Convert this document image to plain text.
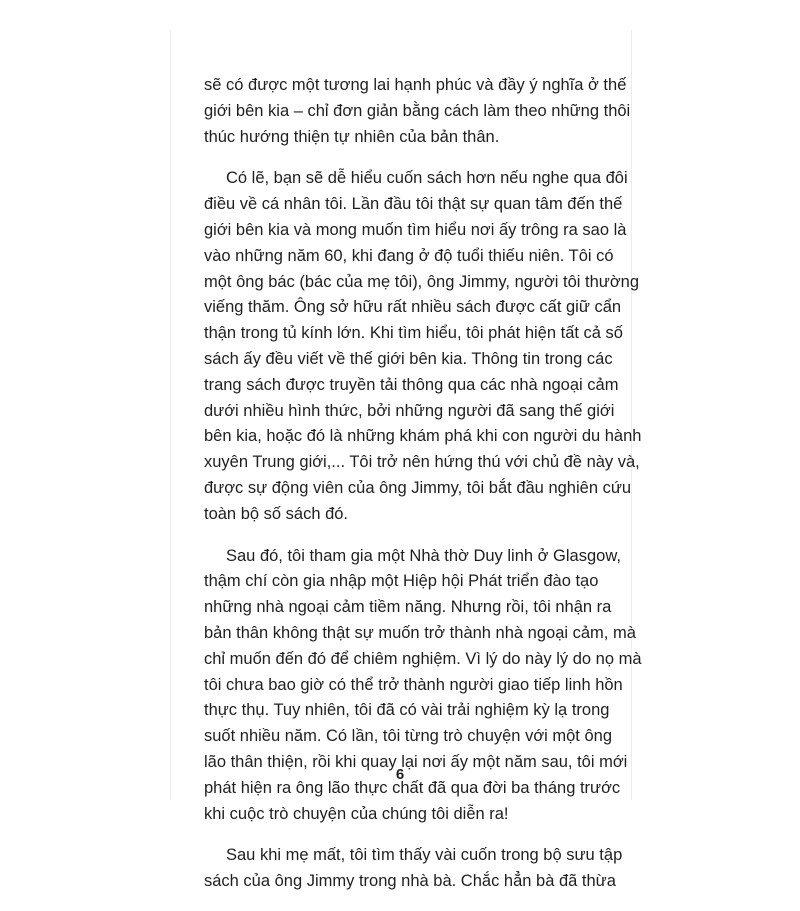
sẽ có được một tương lai hạnh phúc và đầy ý nghĩa ở thế
giới bên kia – chỉ đơn giản bằng cách làm theo những thôi
thúc hướng thiện tự nhiên của bản thân.
Có lẽ, bạn sẽ dễ hiểu cuốn sách hơn nếu nghe qua đôi
điều về cá nhân tôi. Lần đầu tôi thật sự quan tâm đến thế
giới bên kia và mong muốn tìm hiểu nơi ấy trông ra sao là
vào những năm 60, khi đang ở độ tuổi thiếu niên. Tôi có
một ông bác (bác của mẹ tôi), ông Jimmy, người tôi thường
viếng thăm. Ông sở hữu rất nhiều sách được cất giữ cẩn
thận trong tủ kính lớn. Khi tìm hiểu, tôi phát hiện tất cả số
sách ấy đều viết về thế giới bên kia. Thông tin trong các
trang sách được truyền tải thông qua các nhà ngoại cảm
dưới nhiều hình thức, bởi những người đã sang thế giới
bên kia, hoặc đó là những khám phá khi con người du hành
xuyên Trung giới,... Tôi trở nên hứng thú với chủ đề này và,
được sự động viên của ông Jimmy, tôi bắt đầu nghiên cứu
toàn bộ số sách đó.
Sau đó, tôi tham gia một Nhà thờ Duy linh ở Glasgow,
thậm chí còn gia nhập một Hiệp hội Phát triển đào tạo
những nhà ngoại cảm tiềm năng. Nhưng rồi, tôi nhận ra
bản thân không thật sự muốn trở thành nhà ngoại cảm, mà
chỉ muốn đến đó để chiêm nghiệm. Vì lý do này lý do nọ mà
tôi chưa bao giờ có thể trở thành người giao tiếp linh hồn
thực thụ. Tuy nhiên, tôi đã có vài trải nghiệm kỳ lạ trong
suốt nhiều năm. Có lần, tôi từng trò chuyện với một ông
lão thân thiện, rồi khi quay lại nơi ấy một năm sau, tôi mới
phát hiện ra ông lão thực chất đã qua đời ba tháng trước
khi cuộc trò chuyện của chúng tôi diễn ra!
Sau khi mẹ mất, tôi tìm thấy vài cuốn trong bộ sưu tập
sách của ông Jimmy trong nhà bà. Chắc hẳn bà đã thừa
6
